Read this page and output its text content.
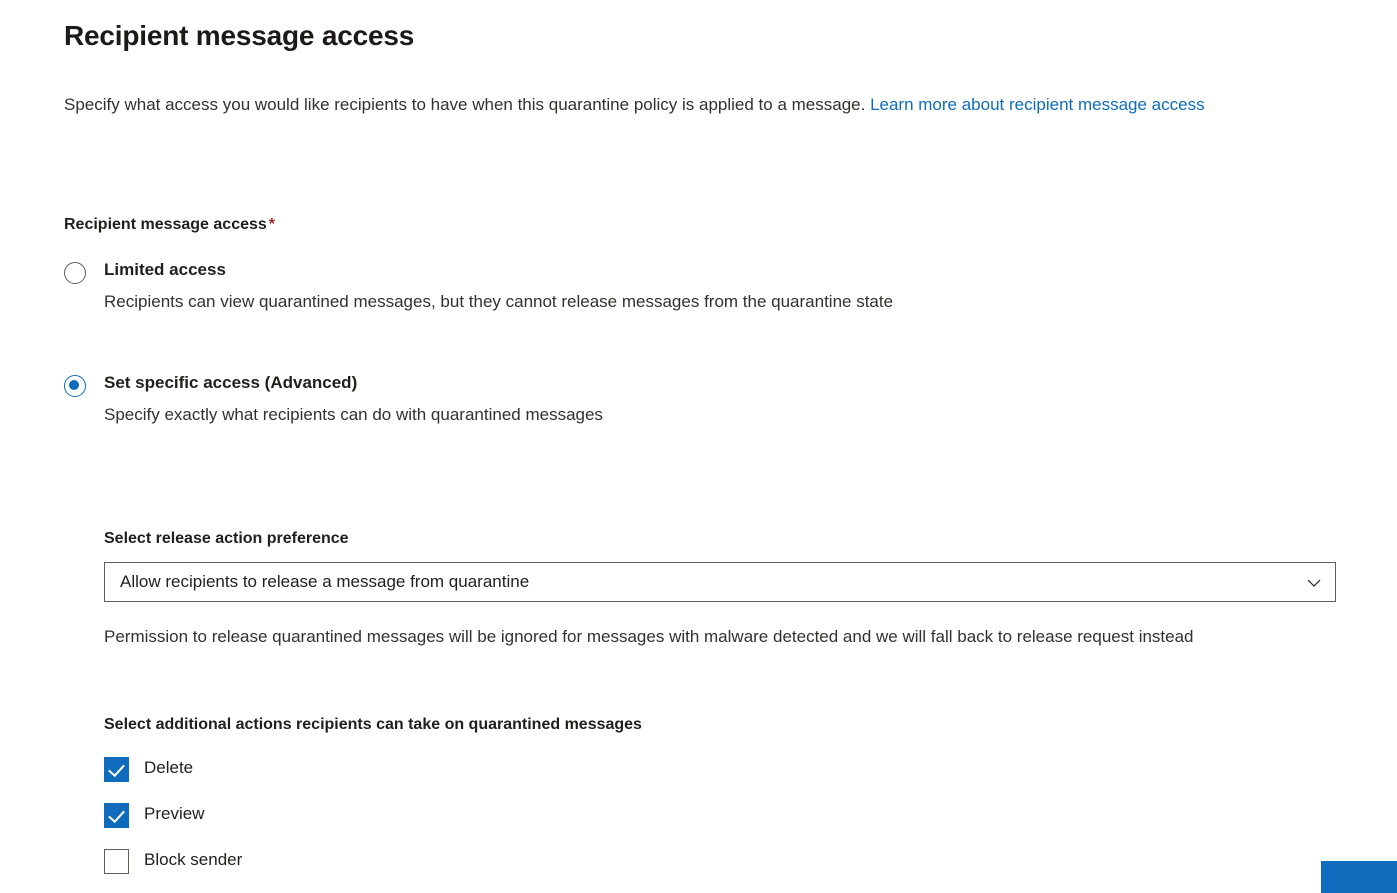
Recipient message access
Specify what access you would like recipients to have when this quarantine policy is applied to a message. Learn more about recipient message access
Recipient message access *
Limited access
Recipients can view quarantined messages, but they cannot release messages from the quarantine state
Set specific access (Advanced)
Specify exactly what recipients can do with quarantined messages
Select release action preference
Allow recipients to release a message from quarantine
Permission to release quarantined messages will be ignored for messages with malware detected and we will fall back to release request instead
Select additional actions recipients can take on quarantined messages
Delete
Preview
Block sender
